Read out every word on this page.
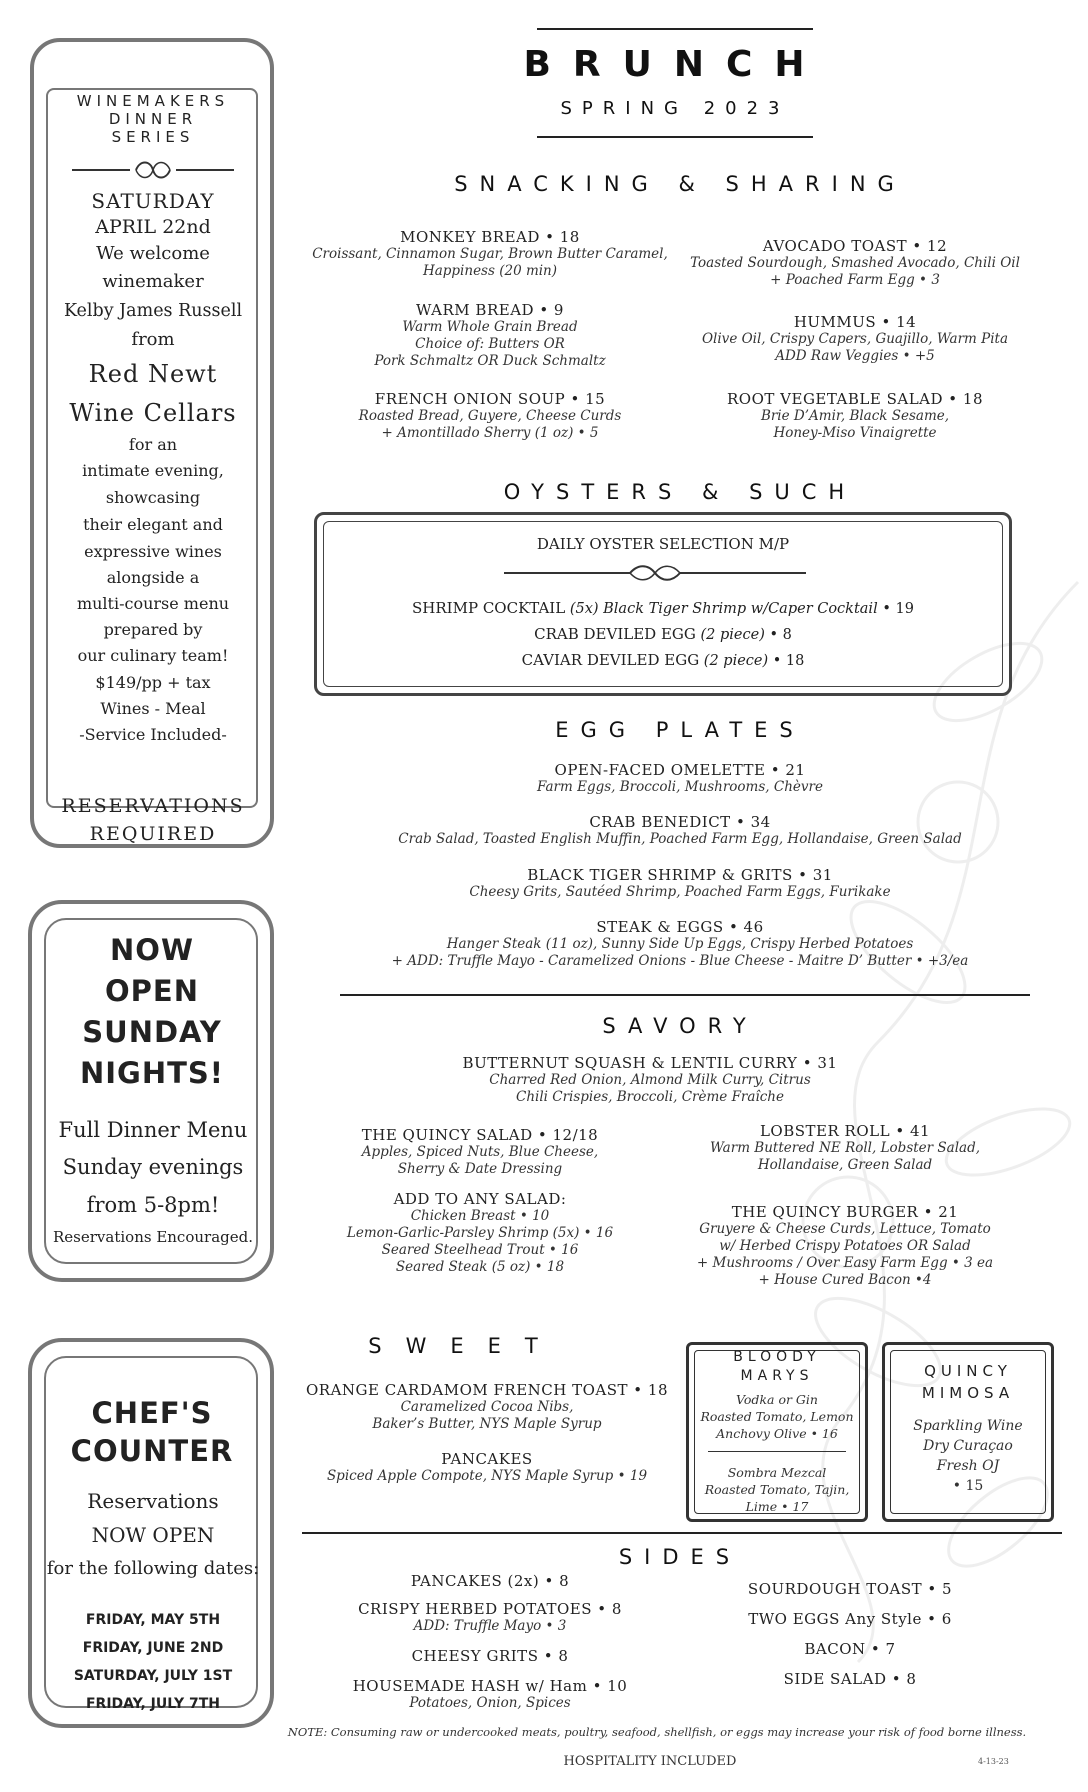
WINEMAKERS
DINNER
SERIES
SATURDAY
APRIL 22nd
We welcome
winemaker
Kelby James Russell
from
Red Newt
Wine Cellars
for an
intimate evening,
showcasing
their elegant and
expressive wines
alongside a
multi-course menu
prepared by
our culinary team!
$149/pp + tax
Wines - Meal
-Service Included-
RESERVATIONS
REQUIRED
NOW
OPEN
SUNDAY
NIGHTS!
Full Dinner Menu
Sunday evenings
from 5-8pm!
Reservations Encouraged.
CHEF'S
COUNTER
Reservations
NOW OPEN
for the following dates:
FRIDAY, MAY 5TH
FRIDAY, JUNE 2ND
SATURDAY, JULY 1ST
FRIDAY, JULY 7TH
BRUNCH
SPRING 2023
SNACKING & SHARING
MONKEY BREAD • 18
Croissant, Cinnamon Sugar, Brown Butter Caramel,
Happiness (20 min)
WARM BREAD • 9
Warm Whole Grain Bread
Choice of: Butters OR
Pork Schmaltz OR Duck Schmaltz
FRENCH ONION SOUP • 15
Roasted Bread, Guyere, Cheese Curds
+ Amontillado Sherry (1 oz) • 5
AVOCADO TOAST • 12
Toasted Sourdough, Smashed Avocado, Chili Oil
+ Poached Farm Egg • 3
HUMMUS • 14
Olive Oil, Crispy Capers, Guajillo, Warm Pita
ADD Raw Veggies • +5
ROOT VEGETABLE SALAD • 18
Brie D’Amir, Black Sesame,
Honey-Miso Vinaigrette
OYSTERS & SUCH
DAILY OYSTER SELECTION M/P
SHRIMP COCKTAIL (5x) Black Tiger Shrimp w/Caper Cocktail • 19
CRAB DEVILED EGG (2 piece) • 8
CAVIAR DEVILED EGG (2 piece) • 18
EGG PLATES
OPEN-FACED OMELETTE • 21
Farm Eggs, Broccoli, Mushrooms, Chèvre
CRAB BENEDICT • 34
Crab Salad, Toasted English Muffin, Poached Farm Egg, Hollandaise, Green Salad
BLACK TIGER SHRIMP & GRITS • 31
Cheesy Grits, Sautéed Shrimp, Poached Farm Eggs, Furikake
STEAK & EGGS • 46
Hanger Steak (11 oz), Sunny Side Up Eggs, Crispy Herbed Potatoes
+ ADD: Truffle Mayo - Caramelized Onions - Blue Cheese - Maitre D’ Butter • +3/ea
SAVORY
BUTTERNUT SQUASH & LENTIL CURRY • 31
Charred Red Onion, Almond Milk Curry, Citrus
Chili Crispies, Broccoli, Crème Fraîche
THE QUINCY SALAD • 12/18
Apples, Spiced Nuts, Blue Cheese,
Sherry & Date Dressing
ADD TO ANY SALAD:
Chicken Breast • 10
Lemon-Garlic-Parsley Shrimp (5x) • 16
Seared Steelhead Trout • 16
Seared Steak (5 oz) • 18
LOBSTER ROLL • 41
Warm Buttered NE Roll, Lobster Salad,
Hollandaise, Green Salad
THE QUINCY BURGER • 21
Gruyere & Cheese Curds, Lettuce, Tomato
w/ Herbed Crispy Potatoes OR Salad
+ Mushrooms / Over Easy Farm Egg • 3 ea
+ House Cured Bacon •4
SWEET
ORANGE CARDAMOM FRENCH TOAST • 18
Caramelized Cocoa Nibs,
Baker’s Butter, NYS Maple Syrup
PANCAKES
Spiced Apple Compote, NYS Maple Syrup • 19
BLOODY
MARYS
Vodka or Gin
Roasted Tomato, Lemon
Anchovy Olive • 16
Sombra Mezcal
Roasted Tomato, Tajin,
Lime • 17
QUINCY
MIMOSA
Sparkling Wine
Dry Curaçao
Fresh OJ
• 15
SIDES
PANCAKES (2x) • 8
CRISPY HERBED POTATOES • 8
ADD: Truffle Mayo • 3
CHEESY GRITS • 8
HOUSEMADE HASH w/ Ham • 10
Potatoes, Onion, Spices
SOURDOUGH TOAST • 5
TWO EGGS Any Style • 6
BACON • 7
SIDE SALAD • 8
NOTE: Consuming raw or undercooked meats, poultry, seafood, shellfish, or eggs may increase your risk of food borne illness.
HOSPITALITY INCLUDED	4-13-23
